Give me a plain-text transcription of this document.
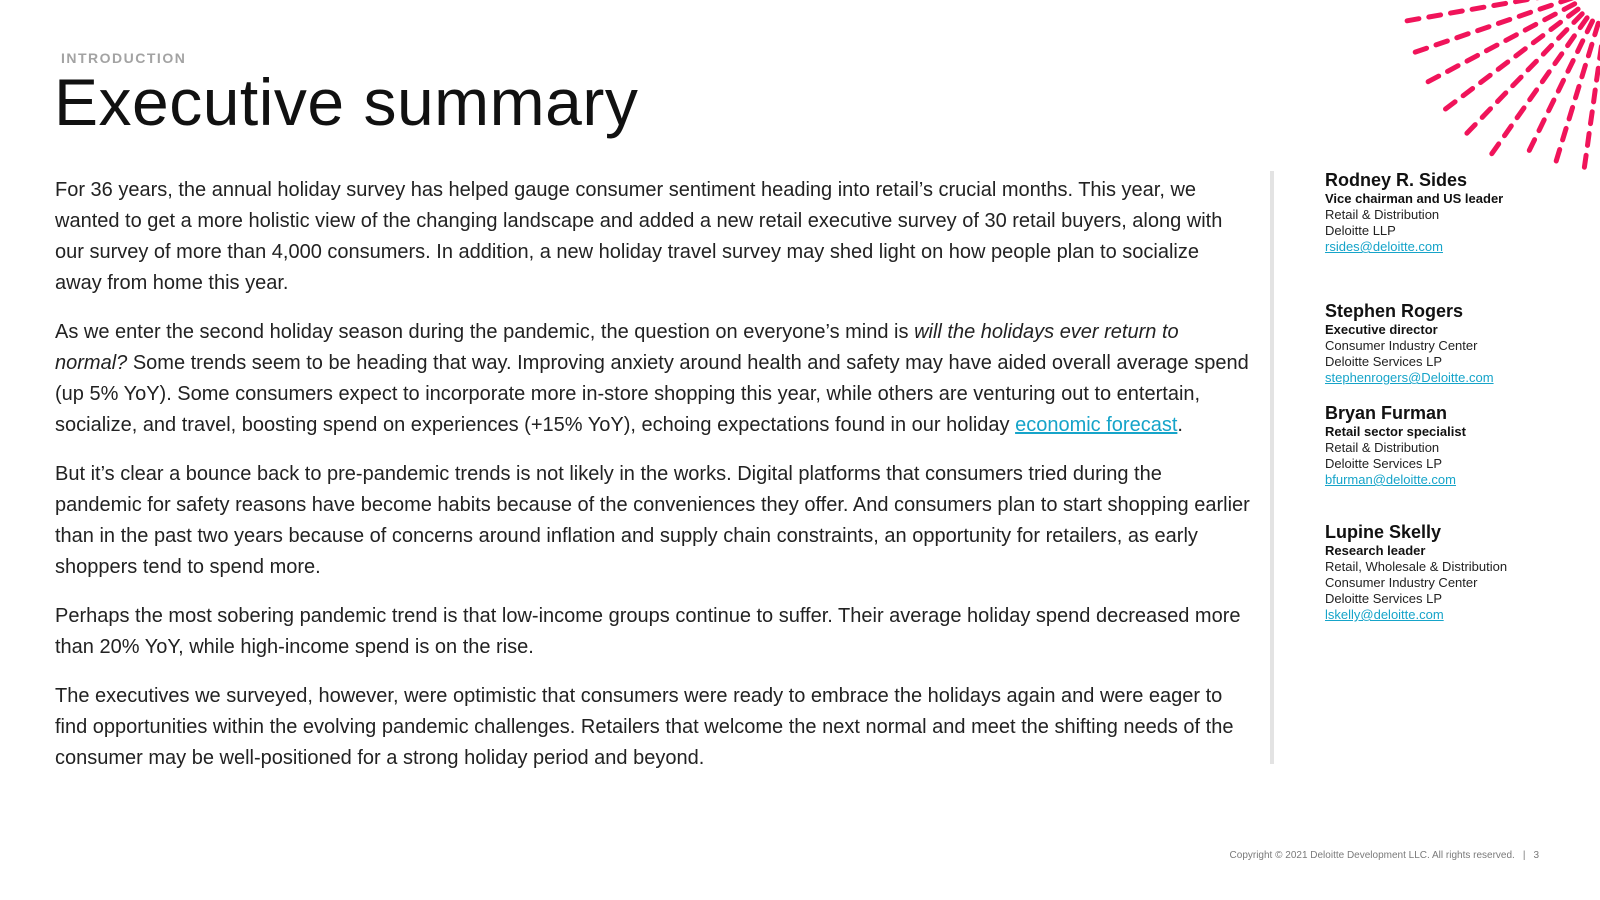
INTRODUCTION
Executive summary

For 36 years, the annual holiday survey has helped gauge consumer sentiment heading into retail’s crucial months. This year, we wanted to get a more holistic view of the changing landscape and added a new retail executive survey of 30 retail buyers, along with our survey of more than 4,000 consumers. In addition, a new holiday travel survey may shed light on how people plan to socialize away from home this year.

As we enter the second holiday season during the pandemic, the question on everyone’s mind is will the holidays ever return to normal? Some trends seem to be heading that way. Improving anxiety around health and safety may have aided overall average spend (up 5% YoY). Some consumers expect to incorporate more in-store shopping this year, while others are venturing out to entertain, socialize, and travel, boosting spend on experiences (+15% YoY), echoing expectations found in our holiday economic forecast.

But it’s clear a bounce back to pre-pandemic trends is not likely in the works. Digital platforms that consumers tried during the pandemic for safety reasons have become habits because of the conveniences they offer. And consumers plan to start shopping earlier than in the past two years because of concerns around inflation and supply chain constraints, an opportunity for retailers, as early shoppers tend to spend more.

Perhaps the most sobering pandemic trend is that low-income groups continue to suffer. Their average holiday spend decreased more than 20% YoY, while high-income spend is on the rise.

The executives we surveyed, however, were optimistic that consumers were ready to embrace the holidays again and were eager to find opportunities within the evolving pandemic challenges. Retailers that welcome the next normal and meet the shifting needs of the consumer may be well-positioned for a strong holiday period and beyond.

Rodney R. Sides
Vice chairman and US leader
Retail & Distribution
Deloitte LLP
rsides@deloitte.com
Stephen Rogers
Executive director
Consumer Industry Center
Deloitte Services LP
stephenrogers@Deloitte.com
Bryan Furman
Retail sector specialist
Retail & Distribution
Deloitte Services LP
bfurman@deloitte.com
Lupine Skelly
Research leader
Retail, Wholesale & Distribution
Consumer Industry Center
Deloitte Services LP
lskelly@deloitte.com
Copyright © 2021 Deloitte Development LLC. All rights reserved. | 3
